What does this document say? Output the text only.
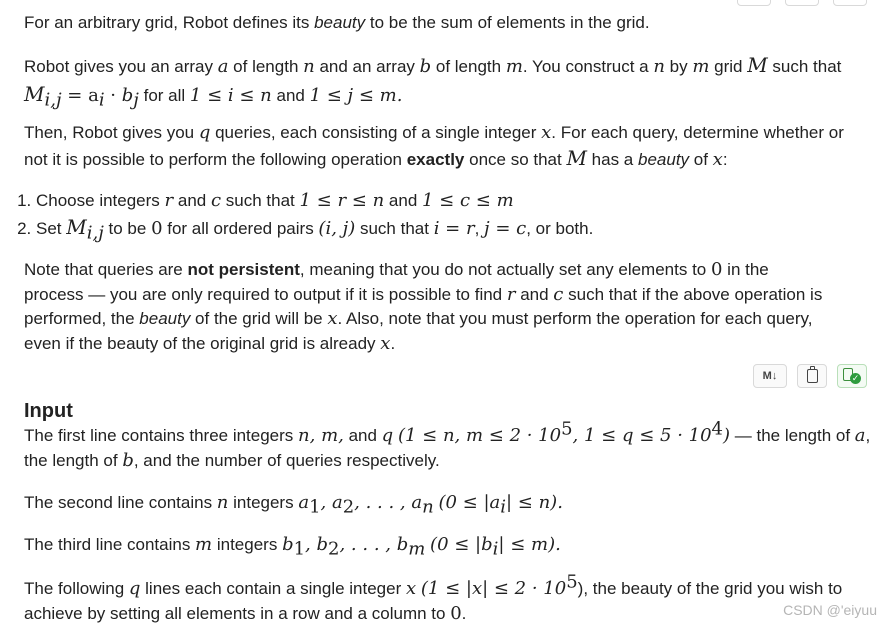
For an arbitrary grid, Robot defines its beauty to be the sum of elements in the grid.

Robot gives you an array a of length n and an array b of length m. You construct a n by m grid M such that

$M_{i,j} = a_i \cdot b_j$ for all 1 ≤ i ≤ n and 1 ≤ j ≤ m.

Then, Robot gives you q queries, each consisting of a single integer x. For each query, determine whether or

not it is possible to perform the following operation exactly once so that M has a beauty of x:

1. Choose integers r and c such that 1 ≤ r ≤ n and 1 ≤ c ≤ m
2. Set $M_{i,j}$ to be 0 for all ordered pairs (i, j) such that i = r, j = c, or both.

Note that queries are not persistent, meaning that you do not actually set any elements to 0 in the

process — you are only required to output if it is possible to find r and c such that if the above operation is

performed, the beauty of the grid will be x. Also, note that you must perform the operation for each query,

even if the beauty of the original grid is already x.

Input

The first line contains three integers n, m, and q (1 ≤ n, $m \le 2 \cdot 10^5$, $1 \le q \le 5 \cdot 10^4$) — the length of a,

the length of b, and the number of queries respectively.

The second line contains n integers $a_1$, $a_2$, . . . , $a_n$ $(0 \le |a_i| \le n)$.

The third line contains m integers $b_1$, $b_2$, . . . , $b_m$ $(0 \le |b_i| \le m)$.

The following q lines each contain a single integer x $(1 \le |x| \le 2 \cdot 10^5)$, the beauty of the grid you wish to

achieve by setting all elements in a row and a column to 0.

M↓	✓
CSDN @'eiyuu
